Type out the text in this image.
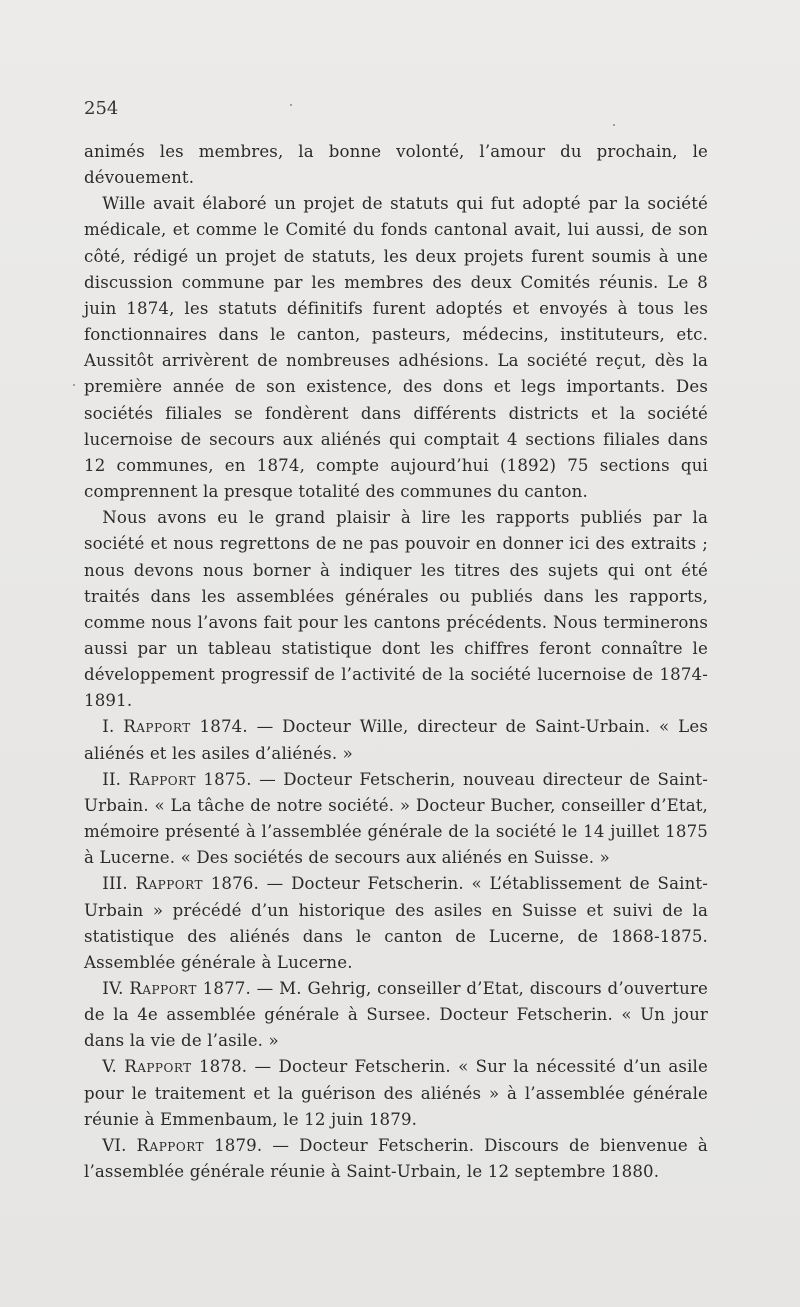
254

animés les membres, la bonne volonté, l’amour du prochain, le dévouement.

Wille avait élaboré un projet de statuts qui fut adopté par la société médicale, et comme le Comité du fonds cantonal avait, lui aussi, de son côté, rédigé un projet de statuts, les deux projets furent soumis à une discussion commune par les membres des deux Comités réunis. Le 8 juin 1874, les statuts définitifs furent adoptés et envoyés à tous les fonctionnaires dans le canton, pasteurs, médecins, instituteurs, etc. Aussitôt arrivèrent de nombreuses adhésions. La société reçut, dès la première année de son existence, des dons et legs importants. Des sociétés filiales se fondèrent dans différents districts et la société lucernoise de secours aux aliénés qui comptait 4 sections filiales dans 12 communes, en 1874, compte aujourd’hui (1892) 75 sections qui comprennent la presque totalité des communes du canton.

Nous avons eu le grand plaisir à lire les rapports publiés par la société et nous regrettons de ne pas pouvoir en donner ici des extraits ; nous devons nous borner à indiquer les titres des sujets qui ont été traités dans les assemblées générales ou publiés dans les rapports, comme nous l’avons fait pour les cantons précédents. Nous terminerons aussi par un tableau statistique dont les chiffres feront connaître le développement progressif de l’activité de la société lucernoise de 1874-1891.

I. Rapport 1874. — Docteur Wille, directeur de Saint-Urbain. « Les aliénés et les asiles d’aliénés. »

II. Rapport 1875. — Docteur Fetscherin, nouveau directeur de Saint-Urbain. « La tâche de notre société. » Docteur Bucher, conseiller d’Etat, mémoire présenté à l’assemblée générale de la société le 14 juillet 1875 à Lucerne. « Des sociétés de secours aux aliénés en Suisse. »

III. Rapport 1876. — Docteur Fetscherin. « L’établissement de Saint-Urbain » précédé d’un historique des asiles en Suisse et suivi de la statistique des aliénés dans le canton de Lucerne, de 1868-1875. Assemblée générale à Lucerne.

IV. Rapport 1877. — M. Gehrig, conseiller d’Etat, discours d’ouverture de la 4e assemblée générale à Sursee. Docteur Fetscherin. « Un jour dans la vie de l’asile. »

V. Rapport 1878. — Docteur Fetscherin. « Sur la nécessité d’un asile pour le traitement et la guérison des aliénés » à l’assemblée générale réunie à Emmenbaum, le 12 juin 1879.

VI. Rapport 1879. — Docteur Fetscherin. Discours de bienvenue à l’assemblée générale réunie à Saint-Urbain, le 12 septembre 1880.
